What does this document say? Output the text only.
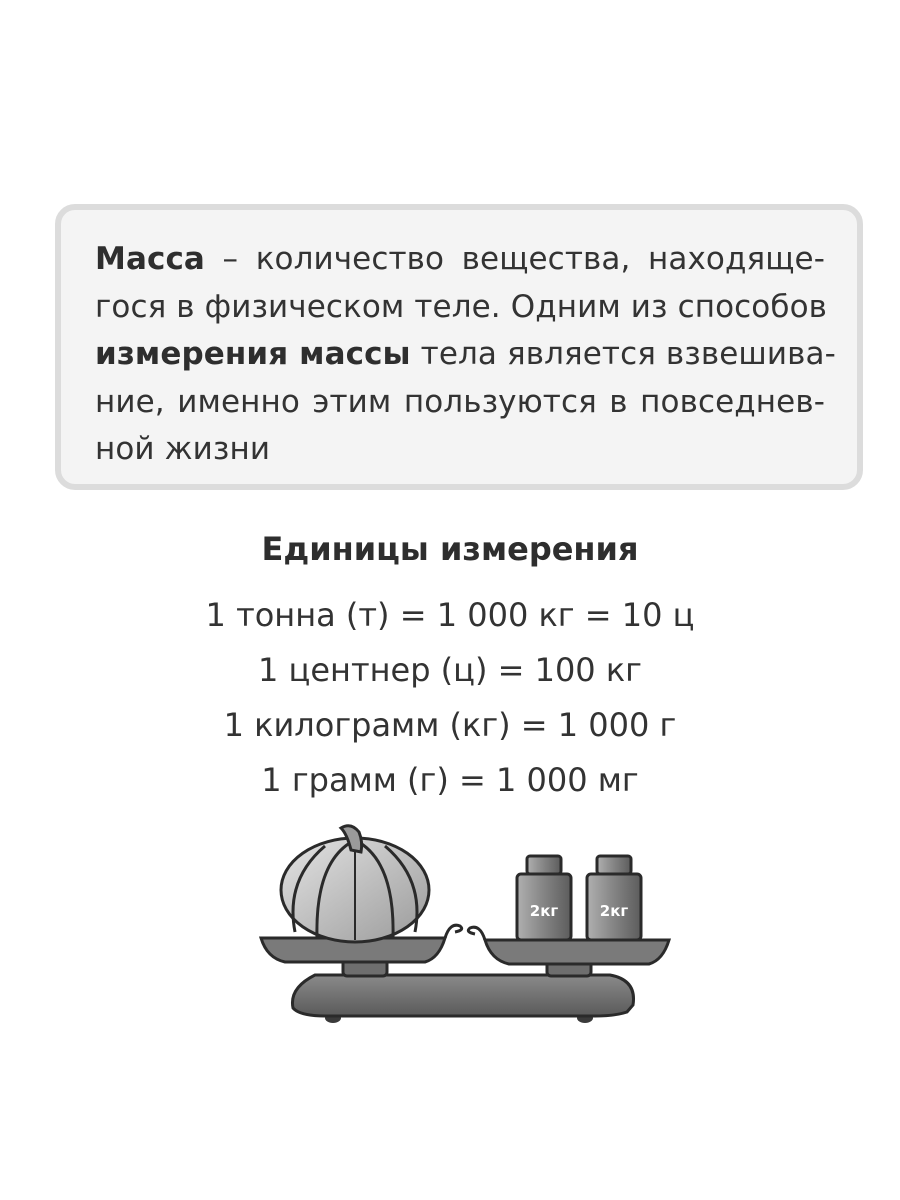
Масса – количество вещества, находяще-
гося в физическом теле. Одним из способов
измерения массы тела является взвешива-
ние, именно этим пользуются в повседнев-
ной жизни
Единицы измерения
1 тонна (т) = 1 000 кг = 10 ц
1 центнер (ц) = 100 кг
1 килограмм (кг) = 1 000 г
1 грамм (г) = 1 000 мг
2кг	2кг
